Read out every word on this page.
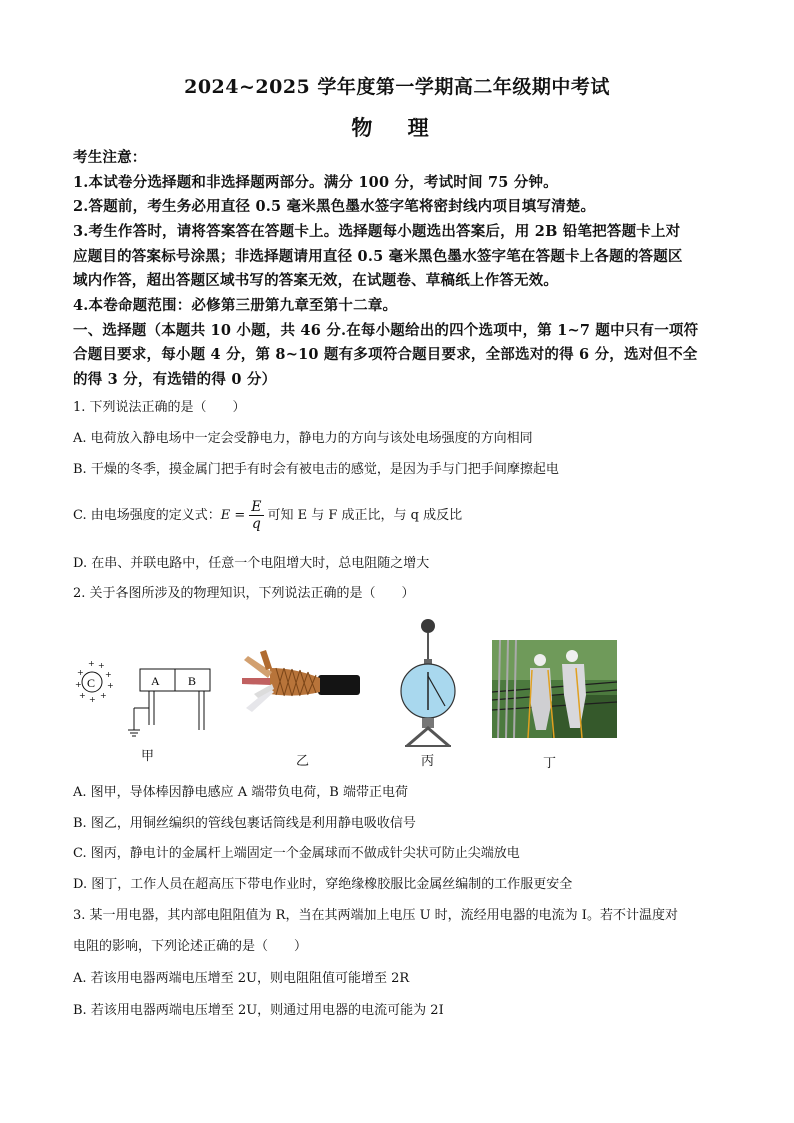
2024~2025 学年度第一学期高二年级期中考试
物 理
考生注意：
1.本试卷分选择题和非选择题两部分。满分 100 分，考试时间 75 分钟。
2.答题前，考生务必用直径 0.5 毫米黑色墨水签字笔将密封线内项目填写清楚。
3.考生作答时，请将答案答在答题卡上。选择题每小题选出答案后，用 2B 铅笔把答题卡上对
应题目的答案标号涂黑；非选择题请用直径 0.5 毫米黑色墨水签字笔在答题卡上各题的答题区
域内作答，超出答题区域书写的答案无效，在试题卷、草稿纸上作答无效。
4.本卷命题范围：必修第三册第九章至第十二章。
一、选择题（本题共 10 小题，共 46 分.在每小题给出的四个选项中，第 1~7 题中只有一项符
合题目要求，每小题 4 分，第 8~10 题有多项符合题目要求，全部选对的得 6 分，选对但不全
的得 3 分，有选错的得 0 分）
1. 下列说法正确的是（　　）
A. 电荷放入静电场中一定会受静电力，静电力的方向与该处电场强度的方向相同
B. 干燥的冬季，摸金属门把手有时会有被电击的感觉，是因为手与门把手间摩擦起电
C. 由电场强度的定义式：$E = \frac{E}{q}$ 可知 E 与 F 成正比，与 q 成反比
D. 在串、并联电路中，任意一个电阻增大时，总电阻随之增大
2. 关于各图所涉及的物理知识，下列说法正确的是（　　）
C
+ +
+	+
+	+
+ +
+
A B
甲	乙	丙	丁
A. 图甲，导体棒因静电感应 A 端带负电荷，B 端带正电荷
B. 图乙，用铜丝编织的管线包裹话筒线是利用静电吸收信号
C. 图丙，静电计的金属杆上端固定一个金属球而不做成针尖状可防止尖端放电
D. 图丁，工作人员在超高压下带电作业时，穿绝缘橡胶服比金属丝编制的工作服更安全
3. 某一用电器，其内部电阻阻值为 R，当在其两端加上电压 U 时，流经用电器的电流为 I。若不计温度对
电阻的影响，下列论述正确的是（　　）
A. 若该用电器两端电压增至 2U，则电阻阻值可能增至 2R
B. 若该用电器两端电压增至 2U，则通过用电器的电流可能为 2I
